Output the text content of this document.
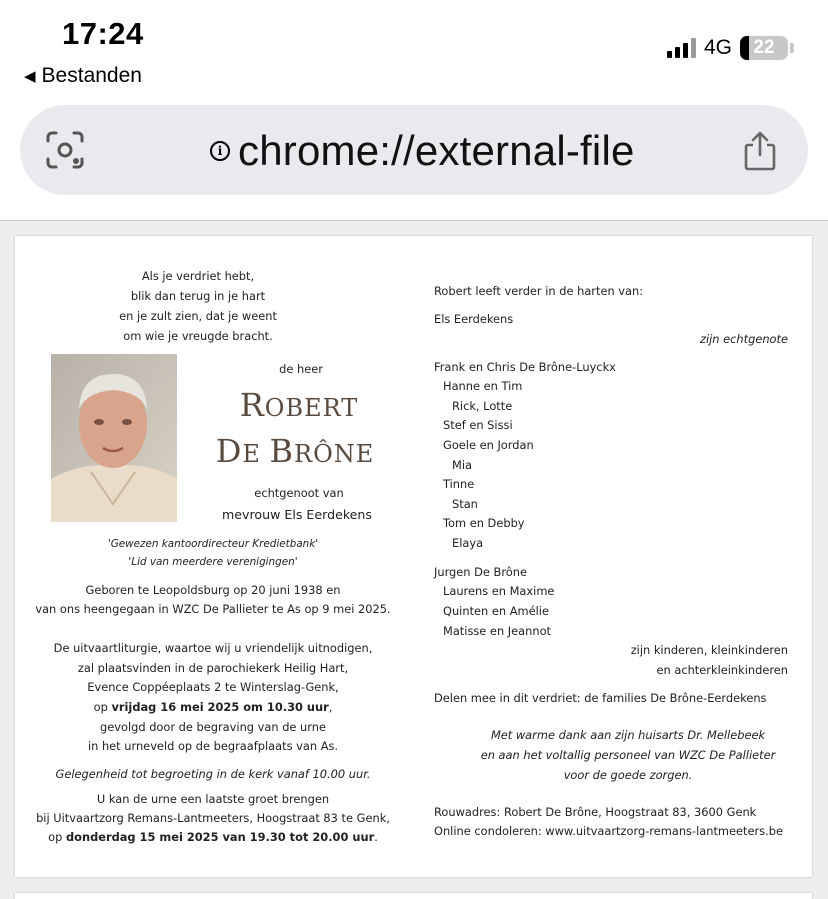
17:24
◀ Bestanden
4G 22
i chrome://external-file
Als je verdriet hebt,
blik dan terug in je hart
en je zult zien, dat je weent
om wie je vreugde bracht.
de heer
ROBERT
DE BRÔNE
echtgenoot van
mevrouw Els Eerdekens
'Gewezen kantoordirecteur Kredietbank'
'Lid van meerdere verenigingen'
Geboren te Leopoldsburg op 20 juni 1938 en
van ons heengegaan in WZC De Pallieter te As op 9 mei 2025.
De uitvaartliturgie, waartoe wij u vriendelijk uitnodigen,
zal plaatsvinden in de parochiekerk Heilig Hart,
Evence Coppéeplaats 2 te Winterslag-Genk,
op vrijdag 16 mei 2025 om 10.30 uur,
gevolgd door de begraving van de urne
in het urneveld op de begraafplaats van As.
Gelegenheid tot begroeting in de kerk vanaf 10.00 uur.
U kan de urne een laatste groet brengen
bij Uitvaartzorg Remans-Lantmeeters, Hoogstraat 83 te Genk,
op donderdag 15 mei 2025 van 19.30 tot 20.00 uur.
Robert leeft verder in de harten van:
Els Eerdekens
zijn echtgenote
Frank en Chris De Brône-Luyckx
Hanne en Tim
Rick, Lotte
Stef en Sissi
Goele en Jordan
Mia
Tinne
Stan
Tom en Debby
Elaya
Jurgen De Brône
Laurens en Maxime
Quinten en Amélie
Matisse en Jeannot
zijn kinderen, kleinkinderen
en achterkleinkinderen
Delen mee in dit verdriet: de families De Brône-Eerdekens
Met warme dank aan zijn huisarts Dr. Mellebeek
en aan het voltallig personeel van WZC De Pallieter
voor de goede zorgen.
Rouwadres: Robert De Brône, Hoogstraat 83, 3600 Genk
Online condoleren: www.uitvaartzorg-remans-lantmeeters.be
